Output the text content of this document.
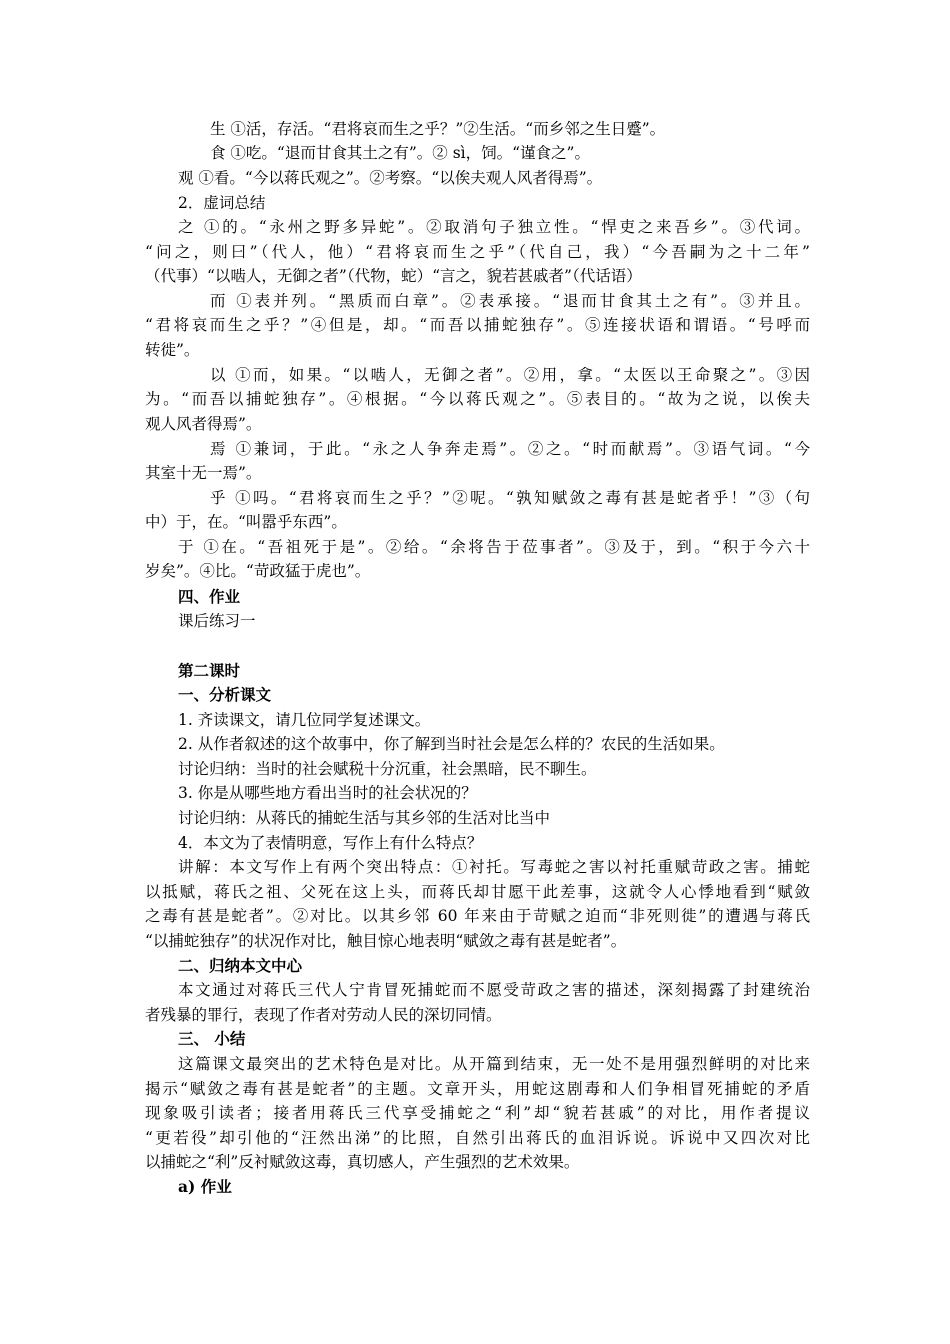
生 ①活，存活。“君将哀而生之乎？”②生活。“而乡邻之生日蹙”。
食 ①吃。“退而甘食其土之有”。② sì，饲。“谨食之”。
观 ①看。“今以蒋氏观之”。②考察。“以俟夫观人风者得焉”。
2．虚词总结
之 ①的。“永州之野多异蛇”。②取消句子独立性。“悍吏之来吾乡”。③代词。
“问之，则曰”（代人，他）“君将哀而生之乎”（代自己，我）“今吾嗣为之十二年”
（代事）“以啮人，无御之者”（代物，蛇）“言之，貌若甚戚者”（代话语）
而 ①表并列。“黑质而白章”。②表承接。“退而甘食其土之有”。③并且。
“君将哀而生之乎？”④但是，却。“而吾以捕蛇独存”。⑤连接状语和谓语。“号呼而
转徙”。
以 ①而，如果。“以啮人，无御之者”。②用，拿。“太医以王命聚之”。③因
为。“而吾以捕蛇独存”。④根据。“今以蒋氏观之”。⑤表目的。“故为之说，以俟夫
观人风者得焉”。
焉 ①兼词，于此。“永之人争奔走焉”。②之。“时而献焉”。③语气词。“今
其室十无一焉”。
乎 ①吗。“君将哀而生之乎？”②呢。“孰知赋敛之毒有甚是蛇者乎！”③（句
中）于，在。“叫嚣乎东西”。
于 ①在。“吾祖死于是”。②给。“余将告于莅事者”。③及于，到。“积于今六十
岁矣”。④比。“苛政猛于虎也”。
四、作业
课后练习一
第二课时
一、分析课文
1. 齐读课文，请几位同学复述课文。
2. 从作者叙述的这个故事中，你了解到当时社会是怎么样的？农民的生活如果。
讨论归纳：当时的社会赋税十分沉重，社会黑暗，民不聊生。
3. 你是从哪些地方看出当时的社会状况的？
讨论归纳：从蒋氏的捕蛇生活与其乡邻的生活对比当中
4．本文为了表情明意，写作上有什么特点？
讲解：本文写作上有两个突出特点：①衬托。写毒蛇之害以衬托重赋苛政之害。捕蛇
以抵赋，蒋氏之祖、父死在这上头，而蒋氏却甘愿干此差事，这就令人心悸地看到“赋敛
之毒有甚是蛇者”。②对比。以其乡邻 60 年来由于苛赋之迫而“非死则徙”的遭遇与蒋氏
“以捕蛇独存”的状况作对比，触目惊心地表明“赋敛之毒有甚是蛇者”。
二、归纳本文中心
本文通过对蒋氏三代人宁肯冒死捕蛇而不愿受苛政之害的描述，深刻揭露了封建统治
者残暴的罪行，表现了作者对劳动人民的深切同情。
三、 小结
这篇课文最突出的艺术特色是对比。从开篇到结束，无一处不是用强烈鲜明的对比来
揭示“赋敛之毒有甚是蛇者”的主题。文章开头，用蛇这剧毒和人们争相冒死捕蛇的矛盾
现象吸引读者；接者用蒋氏三代享受捕蛇之“利”却“貌若甚戚”的对比，用作者提议
“更若役”却引他的“汪然出涕”的比照，自然引出蒋氏的血泪诉说。诉说中又四次对比
以捕蛇之“利”反衬赋敛这毒，真切感人，产生强烈的艺术效果。
a) 作业
